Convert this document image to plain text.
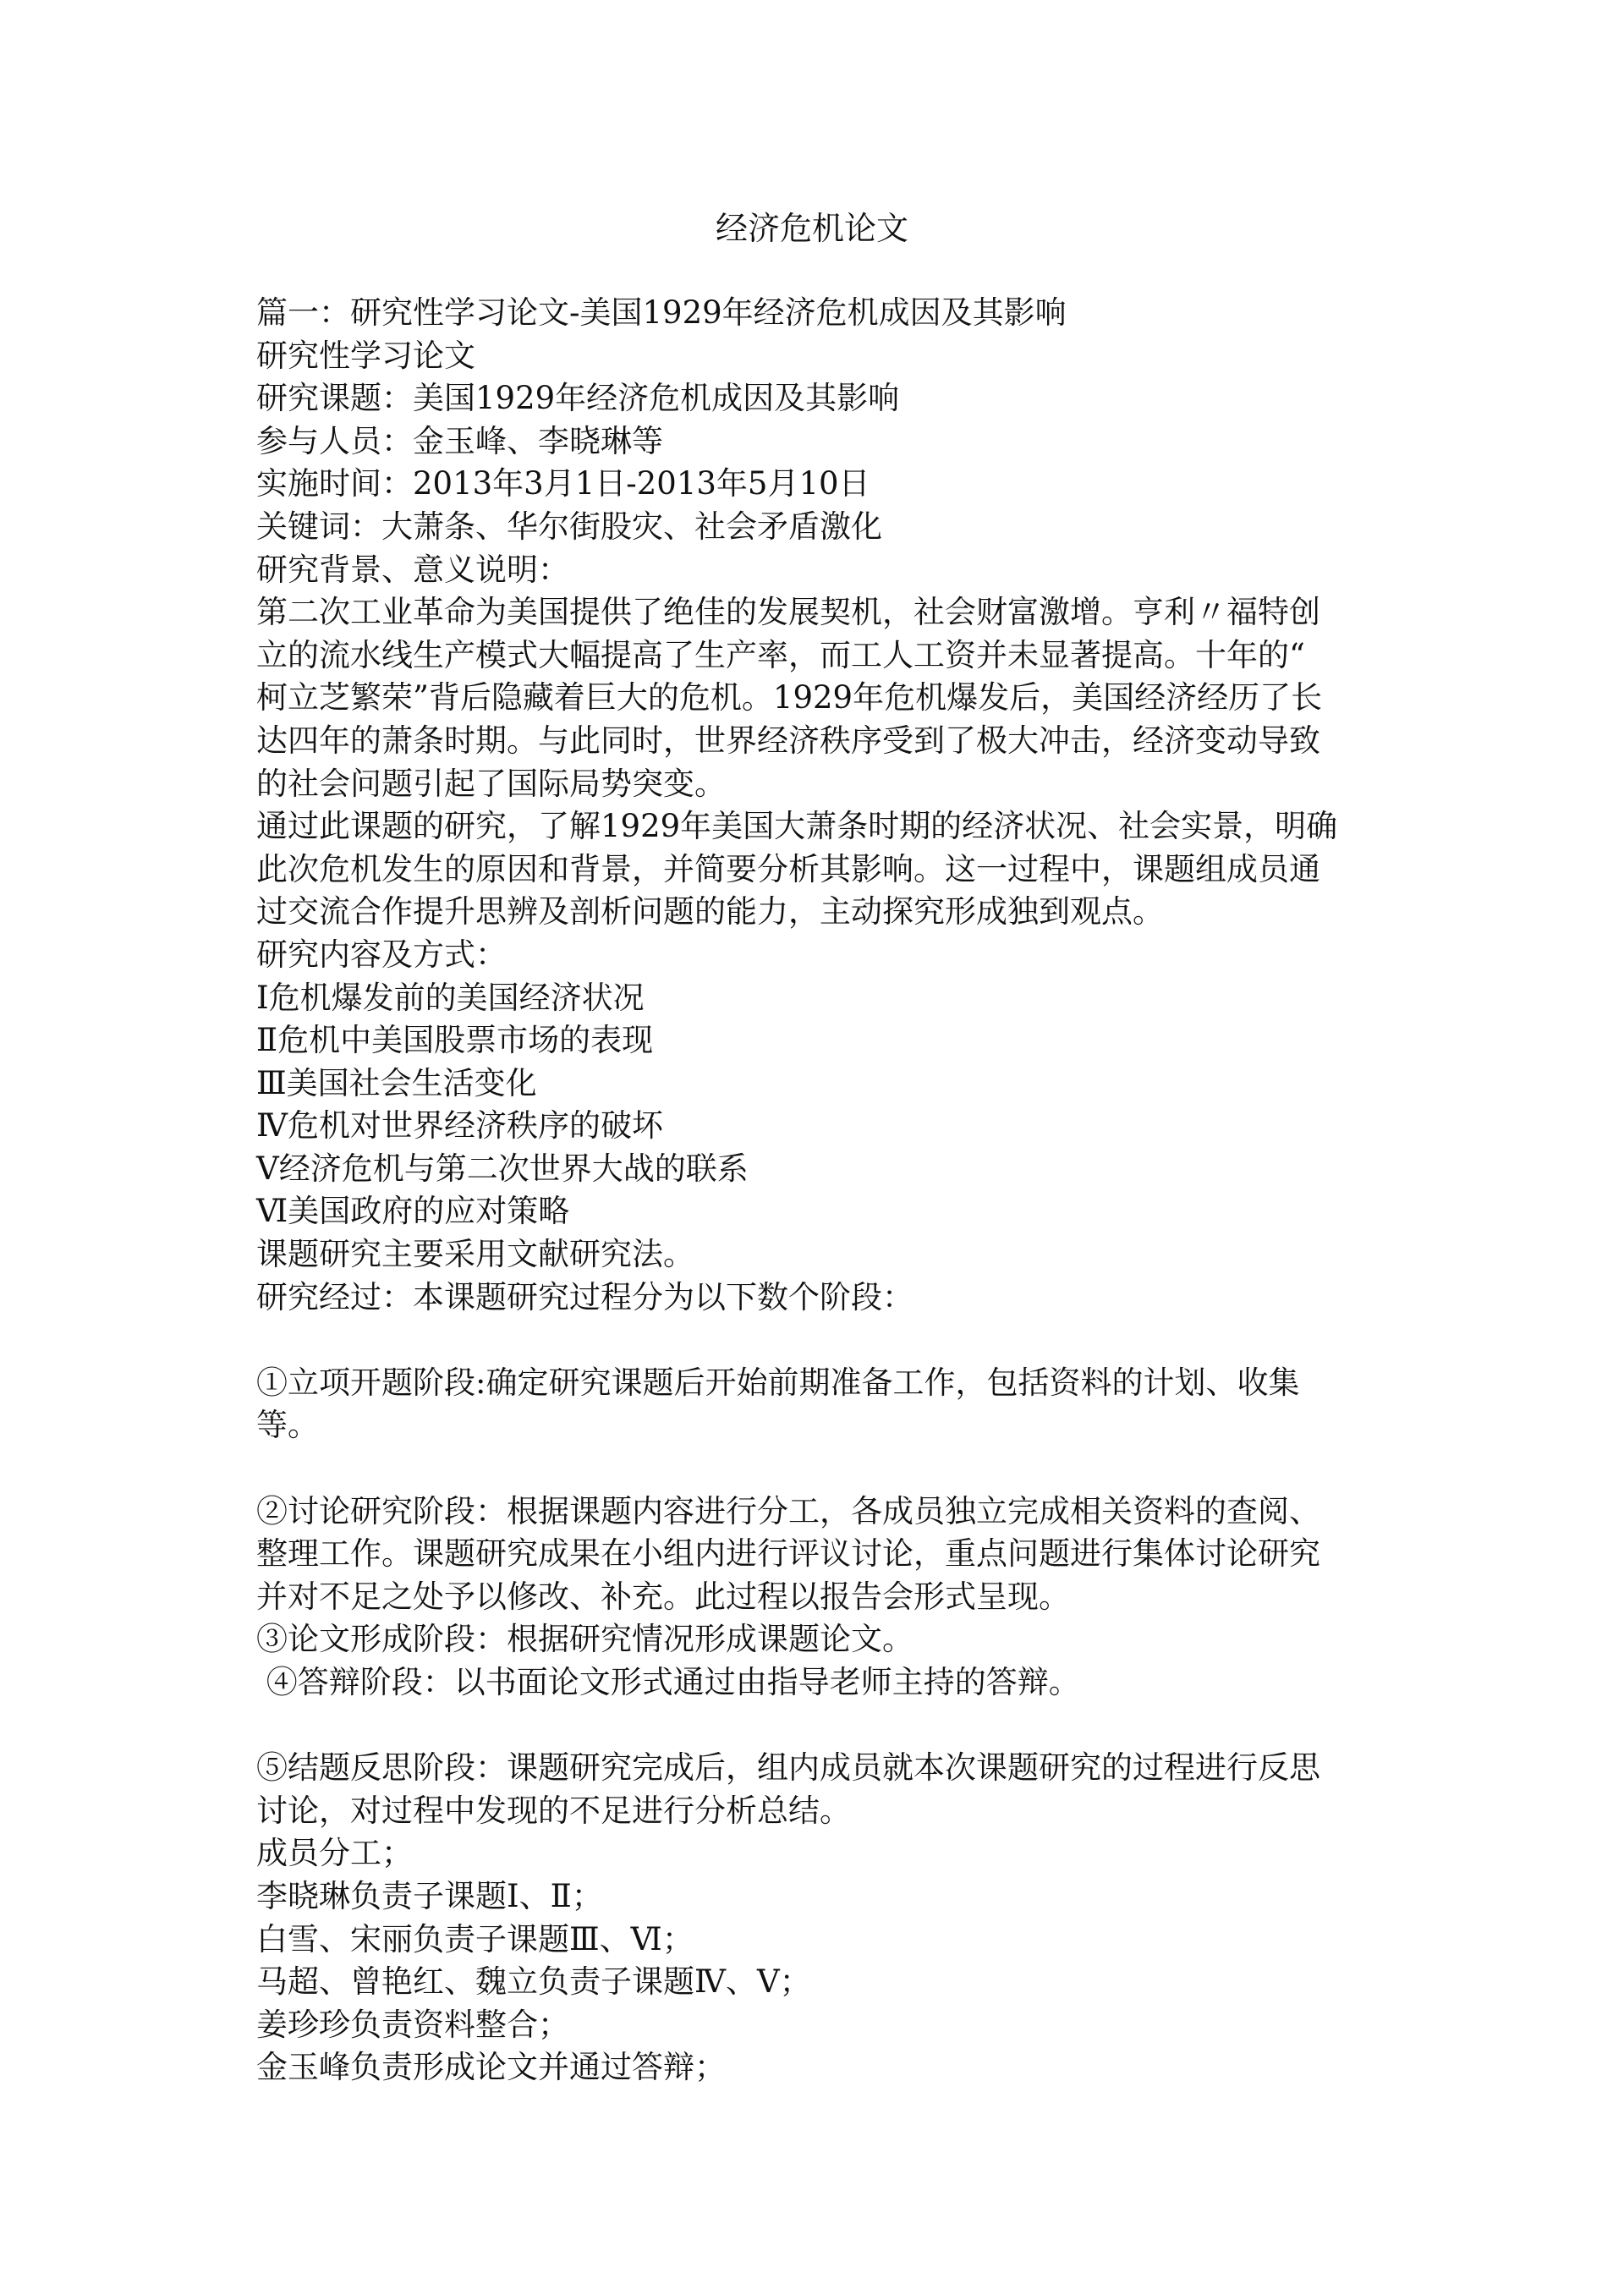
经济危机论文
篇一：研究性学习论文-美国1929年经济危机成因及其影响
研究性学习论文
研究课题：美国1929年经济危机成因及其影响
参与人员：金玉峰、李晓琳等
实施时间：2013年3月1日-2013年5月10日
关键词：大萧条、华尔街股灾、社会矛盾激化
研究背景、意义说明：
第二次工业革命为美国提供了绝佳的发展契机，社会财富激增。亨利〃福特创
立的流水线生产模式大幅提高了生产率，而工人工资并未显著提高。十年的“
柯立芝繁荣”背后隐藏着巨大的危机。1929年危机爆发后，美国经济经历了长
达四年的萧条时期。与此同时，世界经济秩序受到了极大冲击，经济变动导致
的社会问题引起了国际局势突变。
通过此课题的研究，了解1929年美国大萧条时期的经济状况、社会实景，明确
此次危机发生的原因和背景，并简要分析其影响。这一过程中，课题组成员通
过交流合作提升思辨及剖析问题的能力，主动探究形成独到观点。
研究内容及方式：
Ⅰ危机爆发前的美国经济状况
Ⅱ危机中美国股票市场的表现
Ⅲ美国社会生活变化
Ⅳ危机对世界经济秩序的破坏
Ⅴ经济危机与第二次世界大战的联系
Ⅵ美国政府的应对策略
课题研究主要采用文献研究法。
研究经过：本课题研究过程分为以下数个阶段：
①立项开题阶段:确定研究课题后开始前期准备工作，包括资料的计划、收集
等。
②讨论研究阶段：根据课题内容进行分工，各成员独立完成相关资料的查阅、
整理工作。课题研究成果在小组内进行评议讨论，重点问题进行集体讨论研究
并对不足之处予以修改、补充。此过程以报告会形式呈现。
③论文形成阶段：根据研究情况形成课题论文。
④答辩阶段：以书面论文形式通过由指导老师主持的答辩。
⑤结题反思阶段：课题研究完成后，组内成员就本次课题研究的过程进行反思
讨论，对过程中发现的不足进行分析总结。
成员分工；
李晓琳负责子课题Ⅰ、Ⅱ；
白雪、宋丽负责子课题Ⅲ、Ⅵ；
马超、曾艳红、魏立负责子课题Ⅳ、Ⅴ；
姜珍珍负责资料整合；
金玉峰负责形成论文并通过答辩；
